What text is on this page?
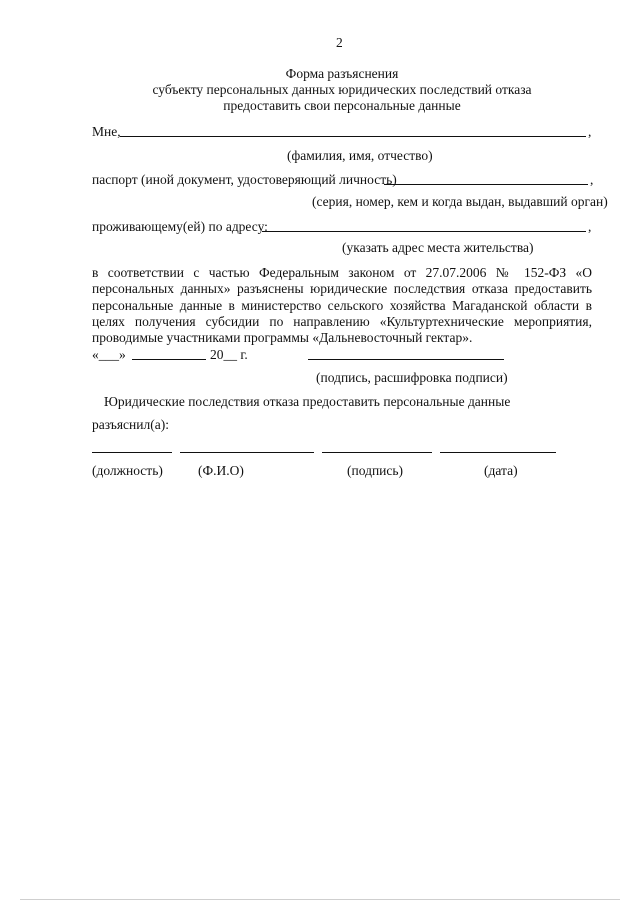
2
Форма разъяснения
субъекту персональных данных юридических последствий отказа
предоставить свои персональные данные
Мне,	,
(фамилия, имя, отчество)
паспорт (иной документ, удостоверяющий личность)	,
(серия, номер, кем и когда выдан, выдавший орган)
проживающему(ей) по адресу:	,
(указать адрес места жительства)
в соответствии с частью Федеральным законом от 27.07.2006 № 152-ФЗ «О персональных данных» разъяснены юридические последствия отказа предоставить персональные данные в министерство сельского хозяйства Магаданской области в целях получения субсидии по направлению «Культуртехнические мероприятия, проводимые участниками программы «Дальневосточный гектар».
«___»	20__ г.
(подпись, расшифровка подписи)
Юридические последствия отказа предоставить персональные данные
разъяснил(а):
(должность)	(Ф.И.О)	(подпись)	(дата)
